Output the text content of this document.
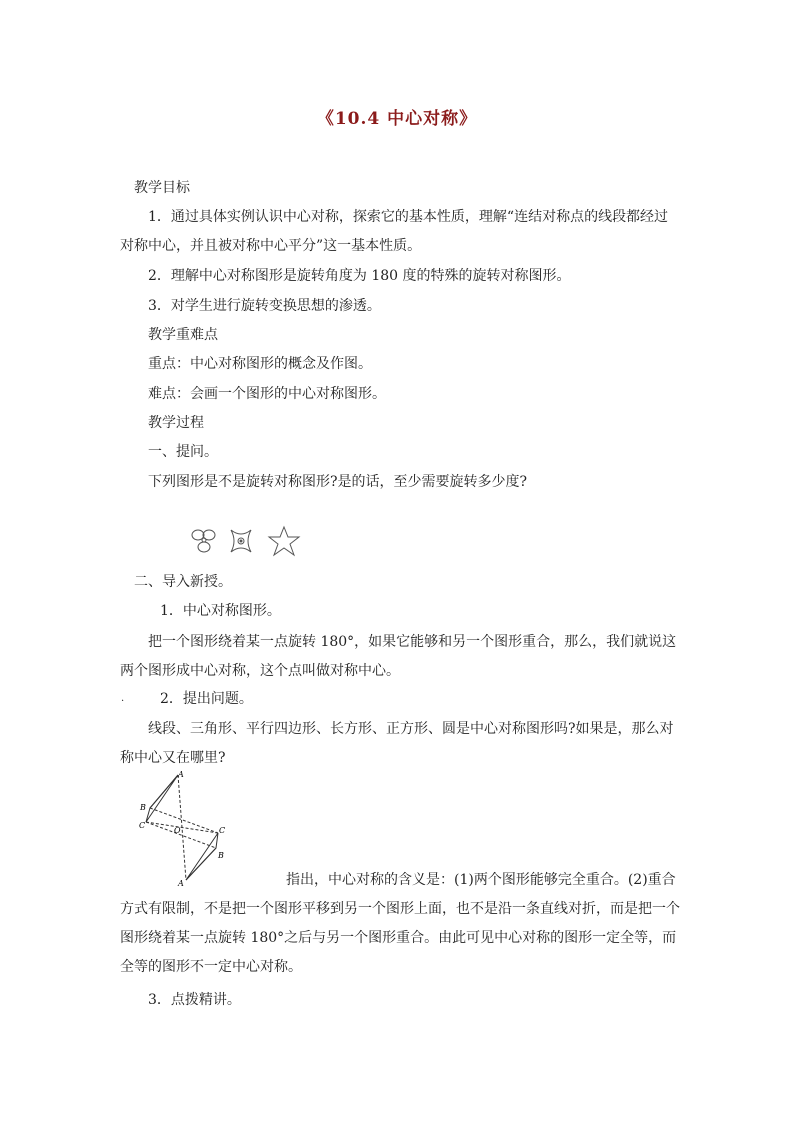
《10.4 中心对称》
教学目标
1．通过具体实例认识中心对称，探索它的基本性质，理解“连结对称点的线段都经过对称中心，并且被对称中心平分”这一基本性质。
2．理解中心对称图形是旋转角度为 180 度的特殊的旋转对称图形。
3．对学生进行旋转变换思想的渗透。
教学重难点
重点：中心对称图形的概念及作图。
难点：会画一个图形的中心对称图形。
教学过程
一、提问。
下列图形是不是旋转对称图形?是的话，至少需要旋转多少度?
二、导入新授。
1．中心对称图形。
把一个图形绕着某一点旋转 180°，如果它能够和另一个图形重合，那么，我们就说这两个图形成中心对称，这个点叫做对称中心。
.	2．提出问题。
线段、三角形、平行四边形、长方形、正方形、圆是中心对称图形吗?如果是，那么对称中心又在哪里?
A
B
C
O	C
B
A	指出，中心对称的含义是：(1)两个图形能够完全重合。(2)重合方式有限制，不是把一个图形平移到另一个图形上面，也不是沿一条直线对折，而是把一个图形绕着某一点旋转 180°之后与另一个图形重合。由此可见中心对称的图形一定全等，而全等的图形不一定中心对称。
3．点拨精讲。
